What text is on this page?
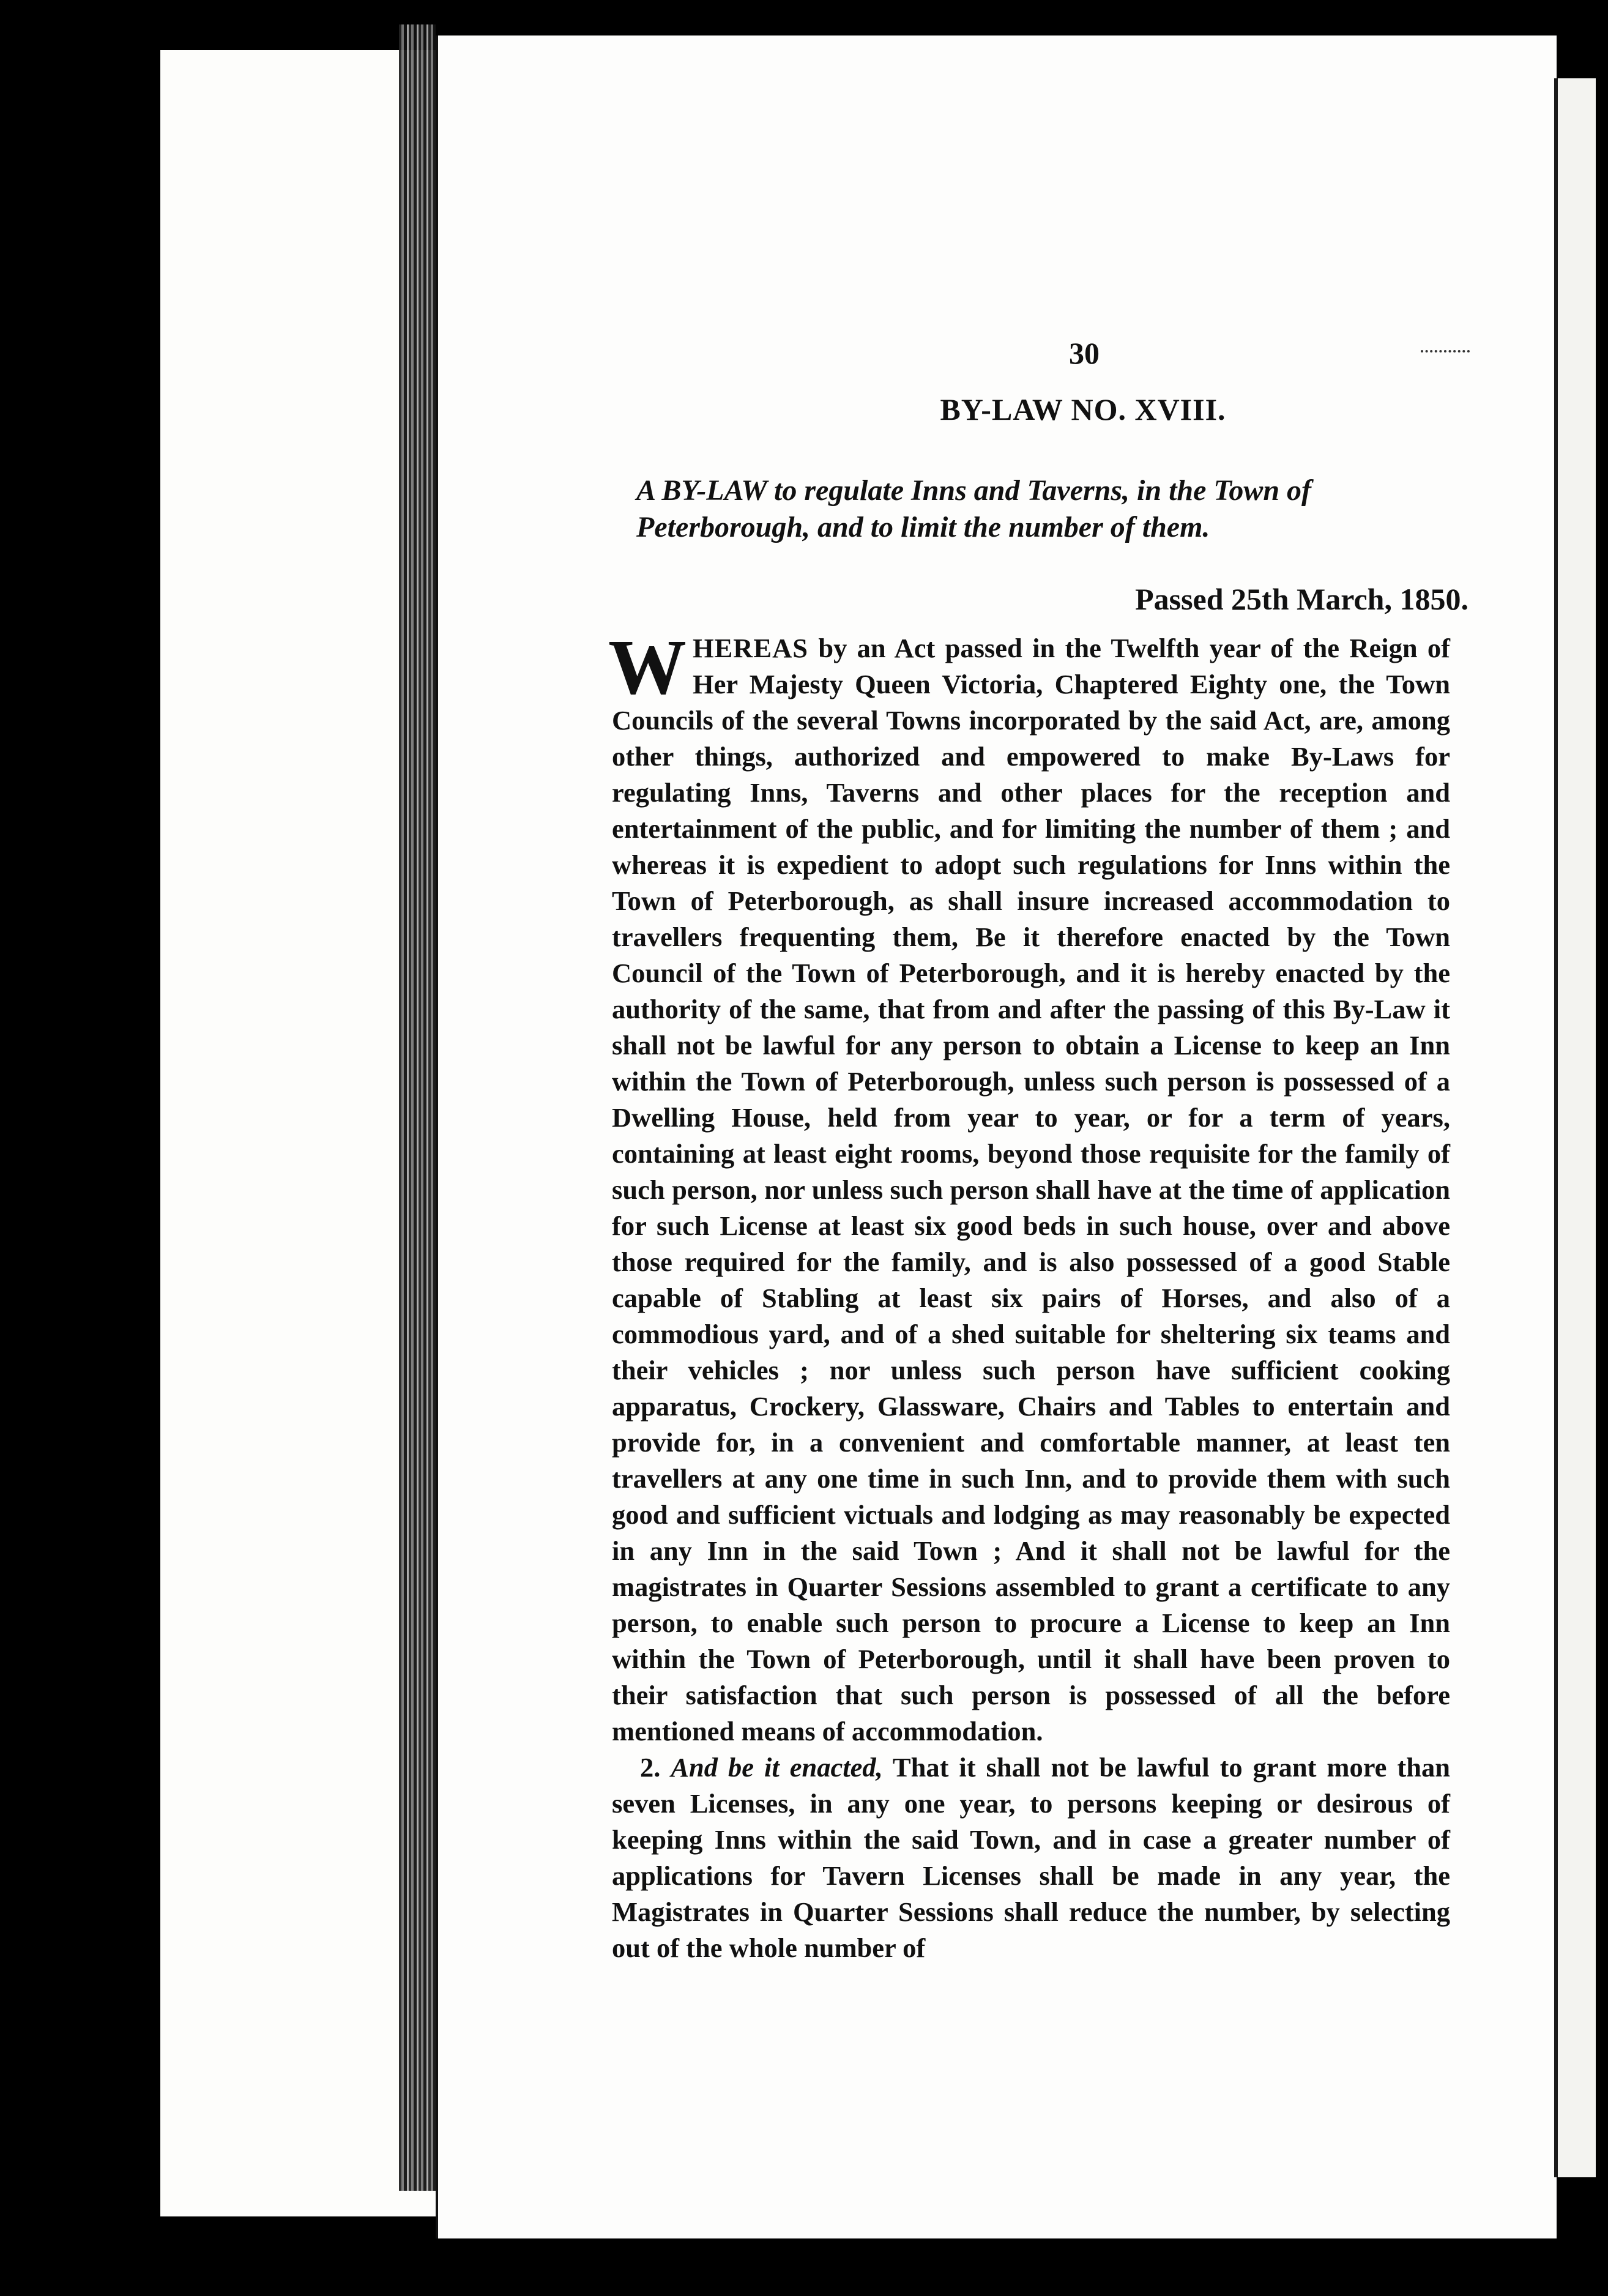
30
BY-LAW NO. XVIII.
A BY-LAW to regulate Inns and Taverns, in the Town of Peterborough, and to limit the number of them.
Passed 25th March, 1850.

WHEREAS by an Act passed in the Twelfth year of the Reign of Her Majesty Queen Victoria, Chaptered Eighty one, the Town Councils of the several Towns incorporated by the said Act, are, among other things, authorized and empowered to make By-Laws for regulating Inns, Taverns and other places for the reception and entertainment of the public, and for limiting the number of them ; and whereas it is expedient to adopt such regulations for Inns within the Town of Peterborough, as shall insure increased accommodation to travellers frequenting them, Be it therefore enacted by the Town Council of the Town of Peterborough, and it is hereby enacted by the authority of the same, that from and after the passing of this By-Law it shall not be lawful for any person to obtain a License to keep an Inn within the Town of Peterborough, unless such person is possessed of a Dwelling House, held from year to year, or for a term of years, containing at least eight rooms, beyond those requisite for the family of such person, nor unless such person shall have at the time of application for such License at least six good beds in such house, over and above those required for the family, and is also possessed of a good Stable capable of Stabling at least six pairs of Horses, and also of a commodious yard, and of a shed suitable for sheltering six teams and their vehicles ; nor unless such person have sufficient cooking apparatus, Crockery, Glassware, Chairs and Tables to entertain and provide for, in a convenient and comfortable manner, at least ten travellers at any one time in such Inn, and to provide them with such good and sufficient victuals and lodging as may reasonably be expected in any Inn in the said Town ; And it shall not be lawful for the magistrates in Quarter Sessions assembled to grant a certificate to any person, to enable such person to procure a License to keep an Inn within the Town of Peterborough, until it shall have been proven to their satisfaction that such person is possessed of all the before mentioned means of accommodation.

2. And be it enacted, That it shall not be lawful to grant more than seven Licenses, in any one year, to persons keeping or desirous of keeping Inns within the said Town, and in case a greater number of applications for Tavern Licenses shall be made in any year, the Magistrates in Quarter Sessions shall reduce the number, by selecting out of the whole number of
